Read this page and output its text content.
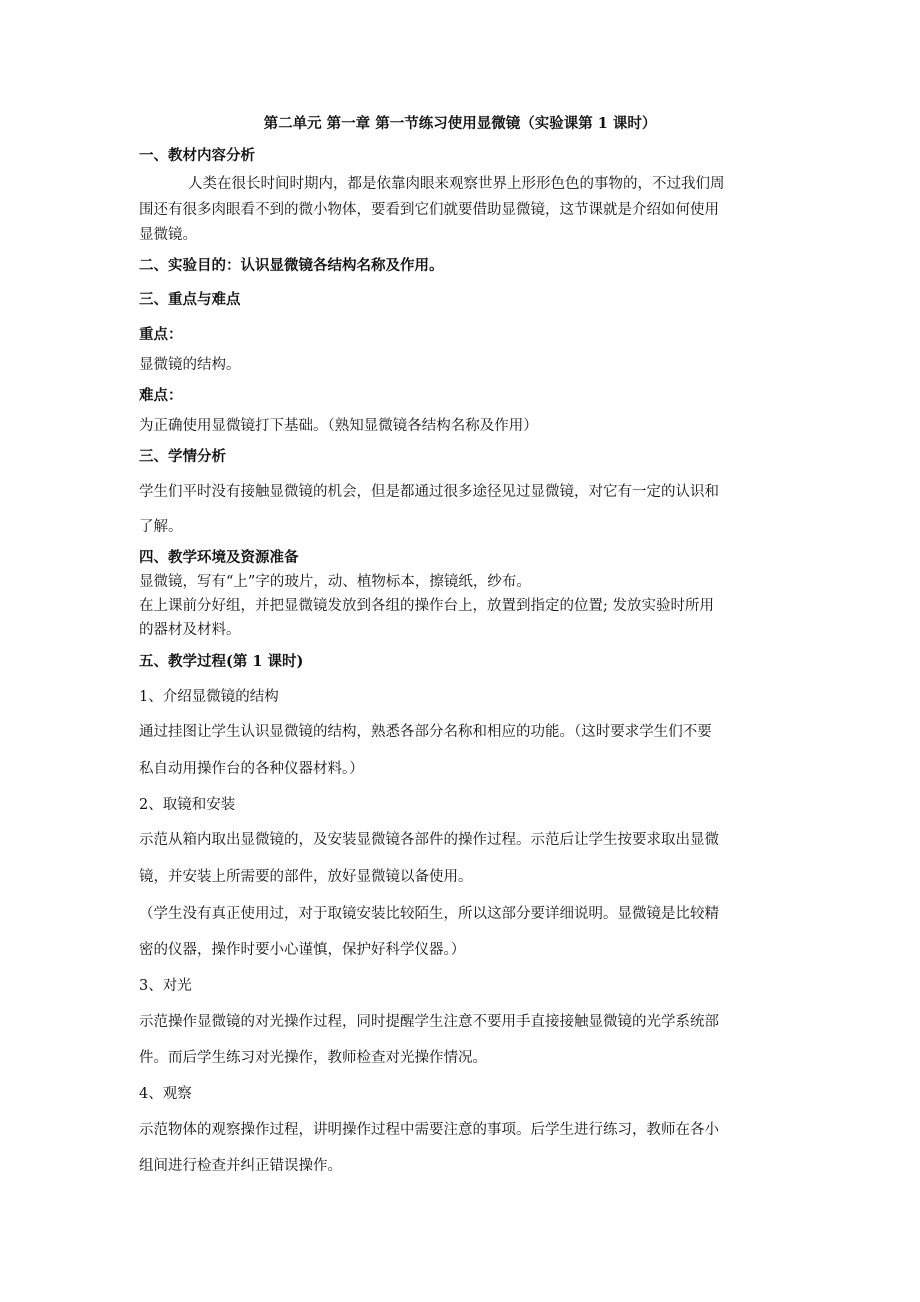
第二单元 第一章 第一节练习使用显微镜（实验课第 1 课时）

一、教材内容分析

人类在很长时间时期内，都是依靠肉眼来观察世界上形形色色的事物的，不过我们周

围还有很多肉眼看不到的微小物体，要看到它们就要借助显微镜，这节课就是介绍如何使用

显微镜。

二、实验目的：认识显微镜各结构名称及作用。

三、重点与难点

重点：

显微镜的结构。

难点：

为正确使用显微镜打下基础。（熟知显微镜各结构名称及作用）

三、学情分析

学生们平时没有接触显微镜的机会，但是都通过很多途径见过显微镜，对它有一定的认识和

了解。

四、教学环境及资源准备

显微镜，写有“上”字的玻片，动、植物标本，擦镜纸，纱布。

在上课前分好组，并把显微镜发放到各组的操作台上，放置到指定的位置; 发放实验时所用

的器材及材料。

五、教学过程(第 1 课时)

1、介绍显微镜的结构

通过挂图让学生认识显微镜的结构，熟悉各部分名称和相应的功能。（这时要求学生们不要

私自动用操作台的各种仪器材料。）

2、取镜和安装

示范从箱内取出显微镜的，及安装显微镜各部件的操作过程。示范后让学生按要求取出显微

镜，并安装上所需要的部件，放好显微镜以备使用。

（学生没有真正使用过，对于取镜安装比较陌生，所以这部分要详细说明。显微镜是比较精

密的仪器，操作时要小心谨慎，保护好科学仪器。）

3、对光

示范操作显微镜的对光操作过程，同时提醒学生注意不要用手直接接触显微镜的光学系统部

件。而后学生练习对光操作，教师检查对光操作情况。

4、观察

示范物体的观察操作过程，讲明操作过程中需要注意的事项。后学生进行练习，教师在各小

组间进行检查并纠正错误操作。
